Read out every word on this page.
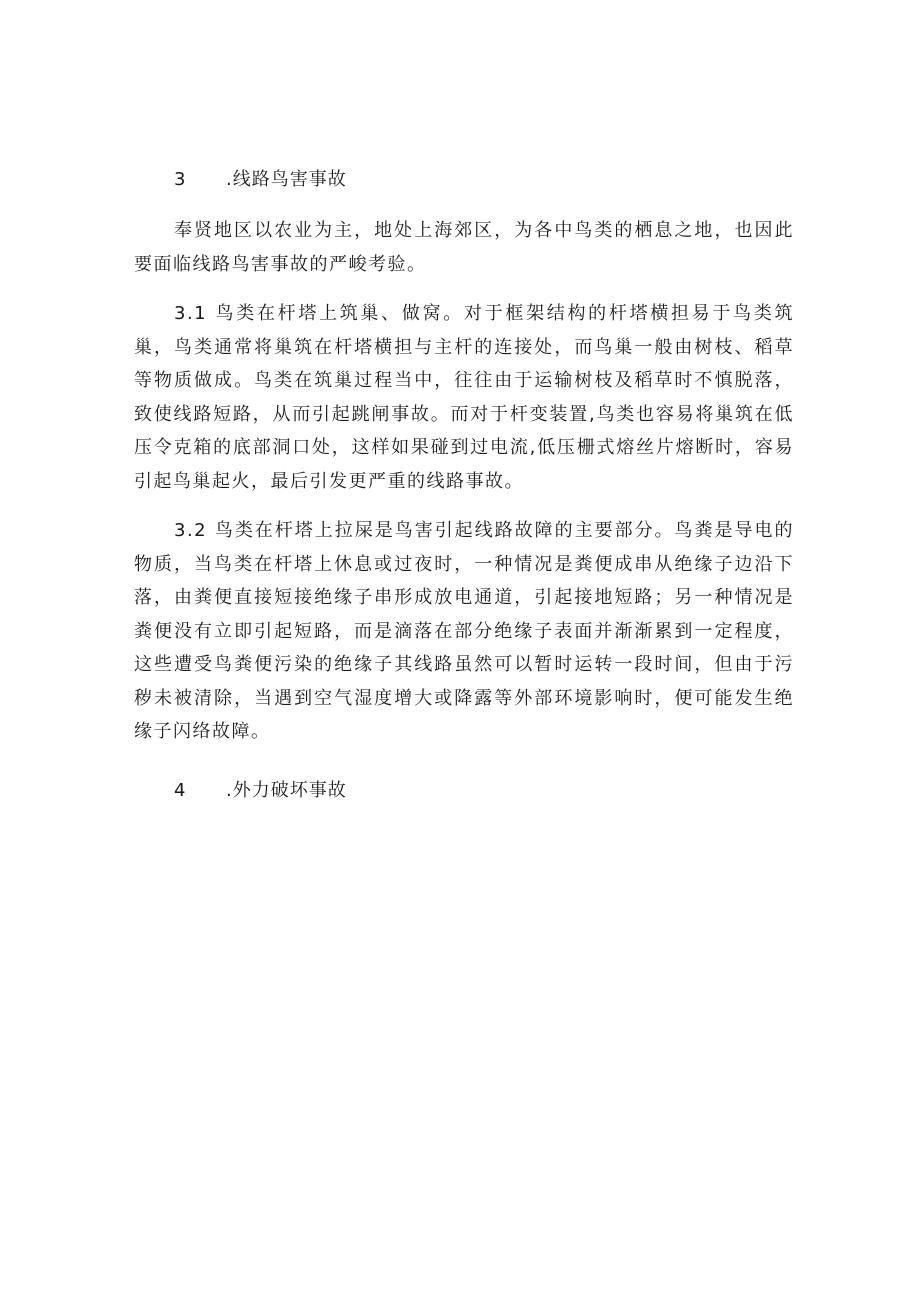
3	.线路鸟害事故

奉贤地区以农业为主，地处上海郊区，为各中鸟类的栖息之地，也因此要面临线路鸟害事故的严峻考验。

3.1 鸟类在杆塔上筑巢、做窝。对于框架结构的杆塔横担易于鸟类筑巢，鸟类通常将巢筑在杆塔横担与主杆的连接处，而鸟巢一般由树枝、稻草等物质做成。鸟类在筑巢过程当中，往往由于运输树枝及稻草时不慎脱落，致使线路短路，从而引起跳闸事故。而对于杆变装置,鸟类也容易将巢筑在低压令克箱的底部洞口处，这样如果碰到过电流,低压栅式熔丝片熔断时，容易引起鸟巢起火，最后引发更严重的线路事故。

3.2 鸟类在杆塔上拉屎是鸟害引起线路故障的主要部分。鸟粪是导电的物质，当鸟类在杆塔上休息或过夜时，一种情况是粪便成串从绝缘子边沿下落，由粪便直接短接绝缘子串形成放电通道，引起接地短路；另一种情况是粪便没有立即引起短路，而是滴落在部分绝缘子表面并渐渐累到一定程度，这些遭受鸟粪便污染的绝缘子其线路虽然可以暂时运转一段时间，但由于污秽未被清除，当遇到空气湿度增大或降露等外部环境影响时，便可能发生绝缘子闪络故障。

4	.外力破坏事故
